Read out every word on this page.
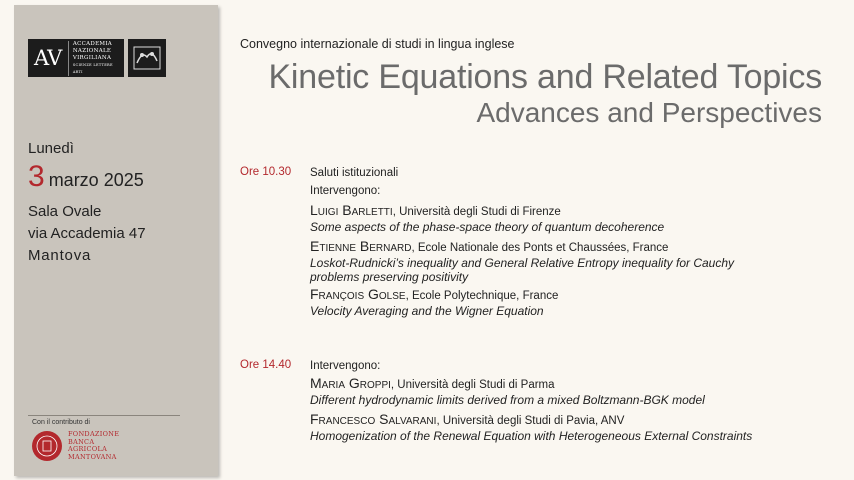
AV
ACCADEMIA
NAZIONALE
VIRGILIANA
SCIENZE LETTERE ARTI
Lunedì
3 marzo 2025
Sala Ovale
via Accademia 47
Mantova
Con il contributo di
FONDAZIONE
BANCA
AGRICOLA
MANTOVANA
Convegno internazionale di studi in lingua inglese
Kinetic Equations and Related Topics
Advances and Perspectives
Ore 10.30 Saluti istituzionali
Intervengono:
Luigi Barletti, Università degli Studi di Firenze
Some aspects of the phase-space theory of quantum decoherence
Etienne Bernard, Ecole Nationale des Ponts et Chaussées, France
Loskot-Rudnicki’s inequality and General Relative Entropy inequality for Cauchy
problems preserving positivity
François Golse, Ecole Polytechnique, France
Velocity Averaging and the Wigner Equation
Ore 14.40 Intervengono:
Maria Groppi, Università degli Studi di Parma
Different hydrodynamic limits derived from a mixed Boltzmann-BGK model
Francesco Salvarani, Università degli Studi di Pavia, ANV
Homogenization of the Renewal Equation with Heterogeneous External Constraints
